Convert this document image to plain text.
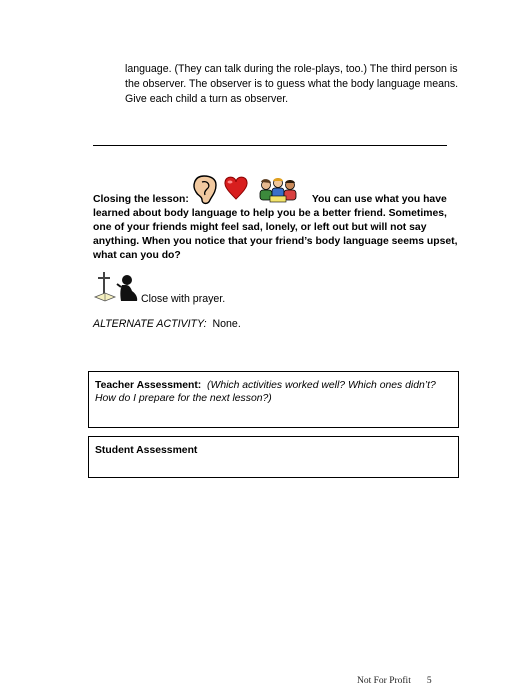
language. (They can talk during the role-plays, too.) The third person is the observer. The observer is to guess what the body language means. Give each child a turn as observer.
Closing the lesson:	You can use what you have learned about body language to help you be a better friend. Sometimes, one of your friends might feel sad, lonely, or left out but will not say anything. When you notice that your friend’s body language seems upset, what can you do?
Close with prayer.
ALTERNATE ACTIVITY: None.
Teacher Assessment: (Which activities worked well? Which ones didn’t? How do I prepare for the next lesson?)
Student Assessment
Not For Profit 5
